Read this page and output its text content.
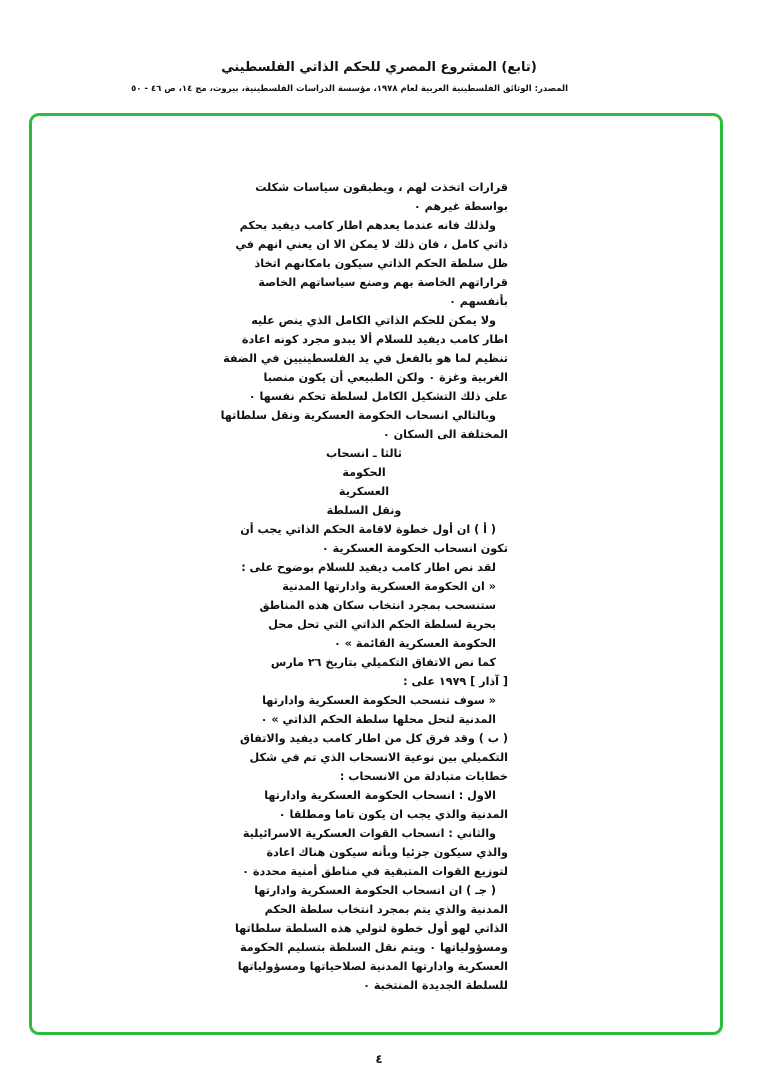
(تابع) المشروع المصري للحكم الذاتي الفلسطيني
المصدر: الوثائق الفلسطينية العربية لعام ١٩٧٨، مؤسسة الدراسات الفلسطينية، بيروت، مج ١٤، ص ٤٦ - ٥٠
قرارات اتخذت لهم ، ويطبقون سياسات شكلت
بواسطة غيرهم ٠
ولذلك فانه عندما يعدهم اطار كامب ديفيد بحكم
ذاتي كامل ، فان ذلك لا يمكن الا ان يعني انهم في
ظل سلطة الحكم الذاتي سيكون بامكانهم اتخاذ
قراراتهم الخاصة بهم وصنع سياساتهم الخاصة
بأنفسهم ٠
ولا يمكن للحكم الذاتي الكامل الذي ينص عليه
اطار كامب ديفيد للسلام ألا يبدو مجرد كونه اعادة
تنظيم لما هو بالفعل في يد الفلسطينيين في الضفة
الغربية وغزة ٠ ولكن الطبيعي أن يكون منصبا
على ذلك التشكيل الكامل لسلطة تحكم نفسها ٠
وبالتالي انسحاب الحكومة العسكرية ونقل سلطاتها
المختلفة الى السكان ٠
ثالثا ـ انسحاب
الحكومة
العسكرية
ونقل السلطة
( أ ) ان أول خطوة لاقامة الحكم الذاتي يجب أن
تكون انسحاب الحكومة العسكرية ٠
لقد نص اطار كامب ديفيد للسلام بوضوح على :
« ان الحكومة العسكرية وادارتها المدنية
ستنسحب بمجرد انتخاب سكان هذه المناطق
بحرية لسلطة الحكم الذاتي التي تحل محل
الحكومة العسكرية القائمة » ٠
كما نص الاتفاق التكميلي بتاريخ ٢٦ مارس
[ آذار ] ١٩٧٩ على :
« سوف تنسحب الحكومة العسكرية وادارتها
المدنية لتحل محلها سلطة الحكم الذاتي » ٠
( ب ) وقد فرق كل من اطار كامب ديفيد والاتفاق
التكميلي بين نوعية الانسحاب الذي تم في شكل
خطابات متبادلة من الانسحاب :
الاول : انسحاب الحكومة العسكرية وادارتها
المدنية والذي يجب ان يكون تاما ومطلقا ٠
والثاني : انسحاب القوات العسكرية الاسرائيلية
والذي سيكون جزئيا وبأنه سيكون هناك اعادة
لتوزيع القوات المتبقية في مناطق أمنية محددة ٠
( جـ ) ان انسحاب الحكومة العسكرية وادارتها
المدنية والذي يتم بمجرد انتخاب سلطة الحكم
الذاتي لهو أول خطوة لتولي هذه السلطة سلطاتها
ومسؤولياتها ٠ ويتم نقل السلطة بتسليم الحكومة
العسكرية وادارتها المدنية لصلاحياتها ومسؤولياتها
للسلطة الجديدة المنتخبة ٠
٤
